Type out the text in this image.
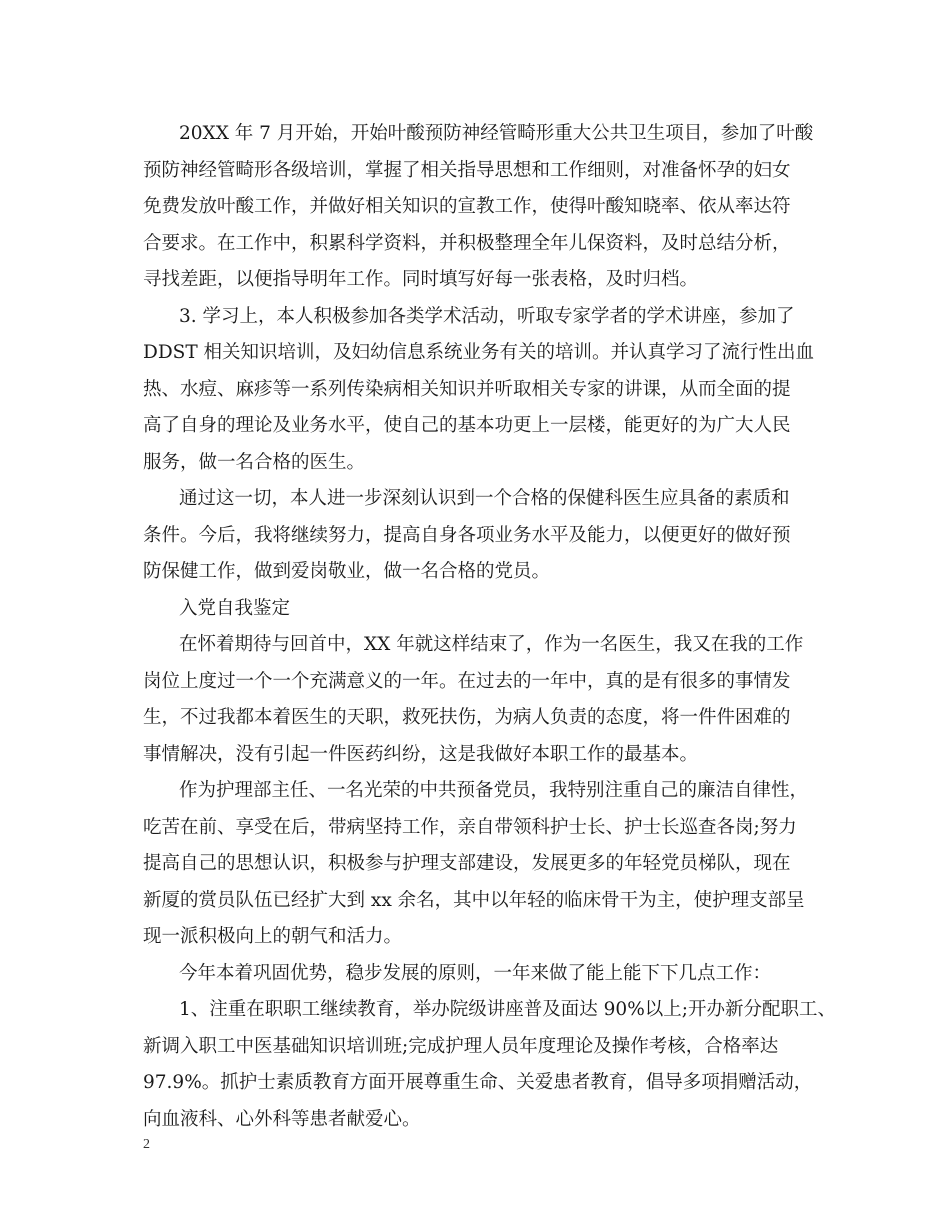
20XX 年 7 月开始，开始叶酸预防神经管畸形重大公共卫生项目，参加了叶酸
预防神经管畸形各级培训，掌握了相关指导思想和工作细则，对准备怀孕的妇女
免费发放叶酸工作，并做好相关知识的宣教工作，使得叶酸知晓率、依从率达符
合要求。在工作中，积累科学资料，并积极整理全年儿保资料，及时总结分析，
寻找差距，以便指导明年工作。同时填写好每一张表格，及时归档。
3. 学习上，本人积极参加各类学术活动，听取专家学者的学术讲座，参加了
DDST 相关知识培训，及妇幼信息系统业务有关的培训。并认真学习了流行性出血
热、水痘、麻疹等一系列传染病相关知识并听取相关专家的讲课，从而全面的提
高了自身的理论及业务水平，使自己的基本功更上一层楼，能更好的为广大人民
服务，做一名合格的医生。
通过这一切，本人进一步深刻认识到一个合格的保健科医生应具备的素质和
条件。今后，我将继续努力，提高自身各项业务水平及能力，以便更好的做好预
防保健工作，做到爱岗敬业，做一名合格的党员。
入党自我鉴定
在怀着期待与回首中，XX 年就这样结束了，作为一名医生，我又在我的工作
岗位上度过一个一个充满意义的一年。在过去的一年中，真的是有很多的事情发
生，不过我都本着医生的天职，救死扶伤，为病人负责的态度，将一件件困难的
事情解决，没有引起一件医药纠纷，这是我做好本职工作的最基本。
作为护理部主任、一名光荣的中共预备党员，我特别注重自己的廉洁自律性，
吃苦在前、享受在后，带病坚持工作，亲自带领科护士长、护士长巡查各岗;努力
提高自己的思想认识，积极参与护理支部建设，发展更多的年轻党员梯队，现在
新厦的赏员队伍已经扩大到 xx 余名，其中以年轻的临床骨干为主，使护理支部呈
现一派积极向上的朝气和活力。
今年本着巩固优势，稳步发展的原则，一年来做了能上能下下几点工作：
1、注重在职职工继续教育，举办院级讲座普及面达 90%以上;开办新分配职工、
新调入职工中医基础知识培训班;完成护理人员年度理论及操作考核，合格率达
97.9%。抓护士素质教育方面开展尊重生命、关爱患者教育，倡导多项捐赠活动，
向血液科、心外科等患者献爱心。
2
